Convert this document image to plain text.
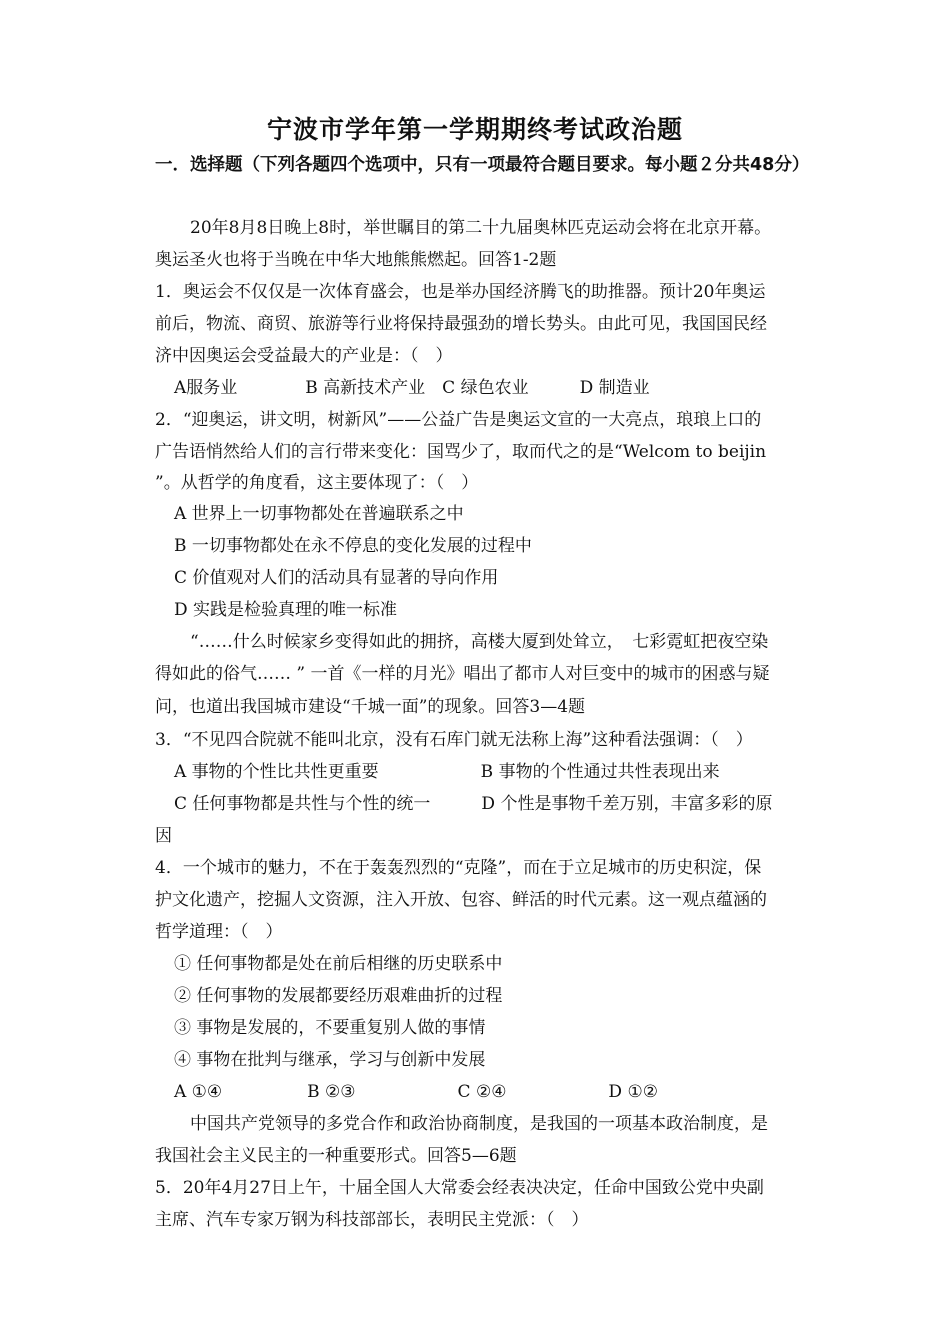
宁波市学年第一学期期终考试政治题
一．选择题（下列各题四个选项中，只有一项最符合题目要求。每小题２分共48分）
20年8月8日晚上8时，举世瞩目的第二十九届奥林匹克运动会将在北京开幕。
奥运圣火也将于当晚在中华大地熊熊燃起。回答1-2题
1．奥运会不仅仅是一次体育盛会，也是举办国经济腾飞的助推器。预计20年奥运
前后，物流、商贸、旅游等行业将保持最强劲的增长势头。由此可见，我国国民经
济中因奥运会受益最大的产业是：（　）
A服务业　　　　B 高新技术产业　C 绿色农业　　　D 制造业
2．“迎奥运，讲文明，树新风”——公益广告是奥运文宣的一大亮点，琅琅上口的
广告语悄然给人们的言行带来变化：国骂少了，取而代之的是“Welcom to beijin
”。从哲学的角度看，这主要体现了：（　）
A 世界上一切事物都处在普遍联系之中
B 一切事物都处在永不停息的变化发展的过程中
C 价值观对人们的活动具有显著的导向作用
D 实践是检验真理的唯一标准
“……什么时候家乡变得如此的拥挤，高楼大厦到处耸立，　七彩霓虹把夜空染
得如此的俗气…… ” 一首《一样的月光》唱出了都市人对巨变中的城市的困惑与疑
问，也道出我国城市建设“千城一面”的现象。回答3—4题
3．“不见四合院就不能叫北京，没有石库门就无法称上海”这种看法强调：（　）
A 事物的个性比共性更重要　　　　　　B 事物的个性通过共性表现出来
C 任何事物都是共性与个性的统一　　　D 个性是事物千差万别，丰富多彩的原
因
4．一个城市的魅力，不在于轰轰烈烈的“克隆”，而在于立足城市的历史积淀，保
护文化遗产，挖掘人文资源，注入开放、包容、鲜活的时代元素。这一观点蕴涵的
哲学道理：（　）
① 任何事物都是处在前后相继的历史联系中
② 任何事物的发展都要经历艰难曲折的过程
③ 事物是发展的，不要重复别人做的事情
④ 事物在批判与继承，学习与创新中发展
A ①④　　　　　B ②③　　　　　　C ②④　　　　　　D ①②
中国共产党领导的多党合作和政治协商制度，是我国的一项基本政治制度，是
我国社会主义民主的一种重要形式。回答5—6题
5．20年4月27日上午，十届全国人大常委会经表决决定，任命中国致公党中央副
主席、汽车专家万钢为科技部部长，表明民主党派：（　）
